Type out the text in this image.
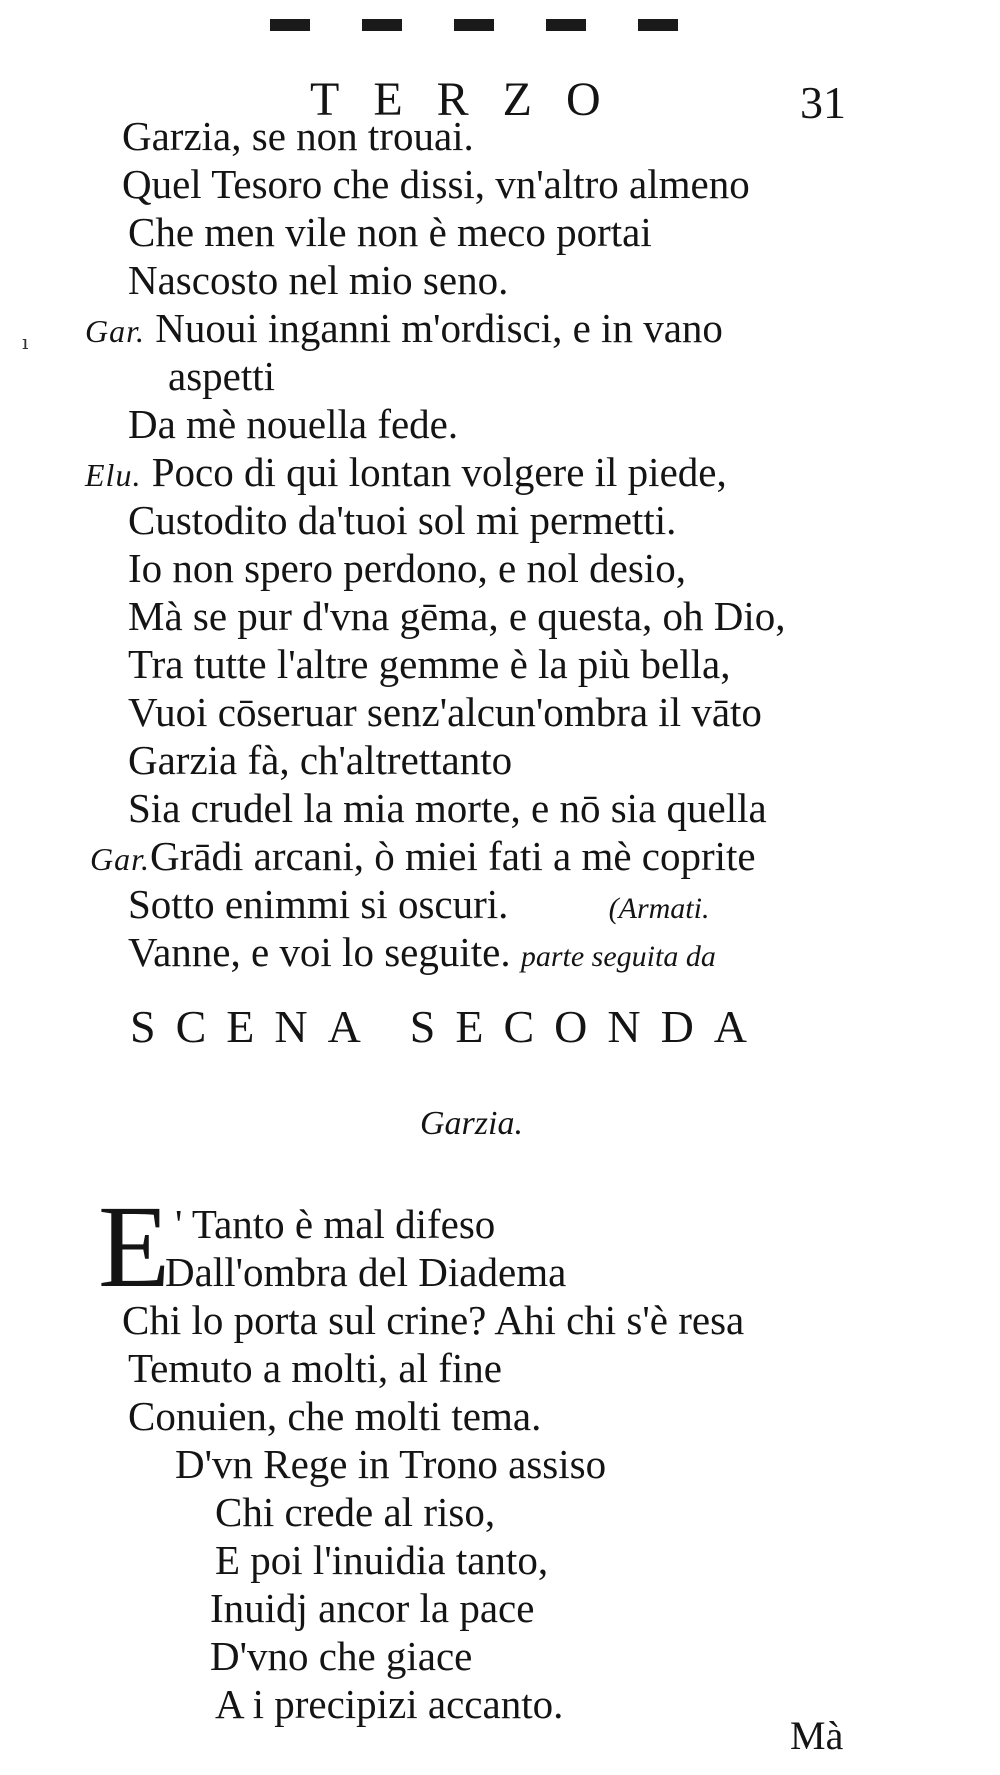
▬▬▬▬▬
TERZO	31
ı
Garzia, se non trouai.
Quel Tesoro che dissi, vn'altro almeno
Che men vile non è meco portai
Nascosto nel mio seno.
Gar. Nuoui inganni m'ordisci, e in vano
aspetti
Da mè nouella fede.
Elu. Poco di qui lontan volgere il piede,
Custodito da'tuoi sol mi permetti.
Io non spero perdono, e nol desio,
Mà se pur d'vna gēma, e questa, oh Dio,
Tra tutte l'altre gemme è la più bella,
Vuoi cōseruar senz'alcun'ombra il vāto
Garzia fà, ch'altrettanto
Sia crudel la mia morte, e nō sia quella
Gar.Grādi arcani, ò miei fati a mè coprite
Sotto enimmi si oscuri.	(Armati.
Vanne, e voi lo seguite. parte seguita da
SCENA SECONDA
Garzia.
E ' Tanto è mal difeso
Dall'ombra del Diadema
Chi lo porta sul crine? Ahi chi s'è resa
Temuto a molti, al fine
Conuien, che molti tema.
D'vn Rege in Trono assiso
Chi crede al riso,
E poi l'inuidia tanto,
Inuidj ancor la pace
D'vno che giace
A i precipizi accanto.
Mà
